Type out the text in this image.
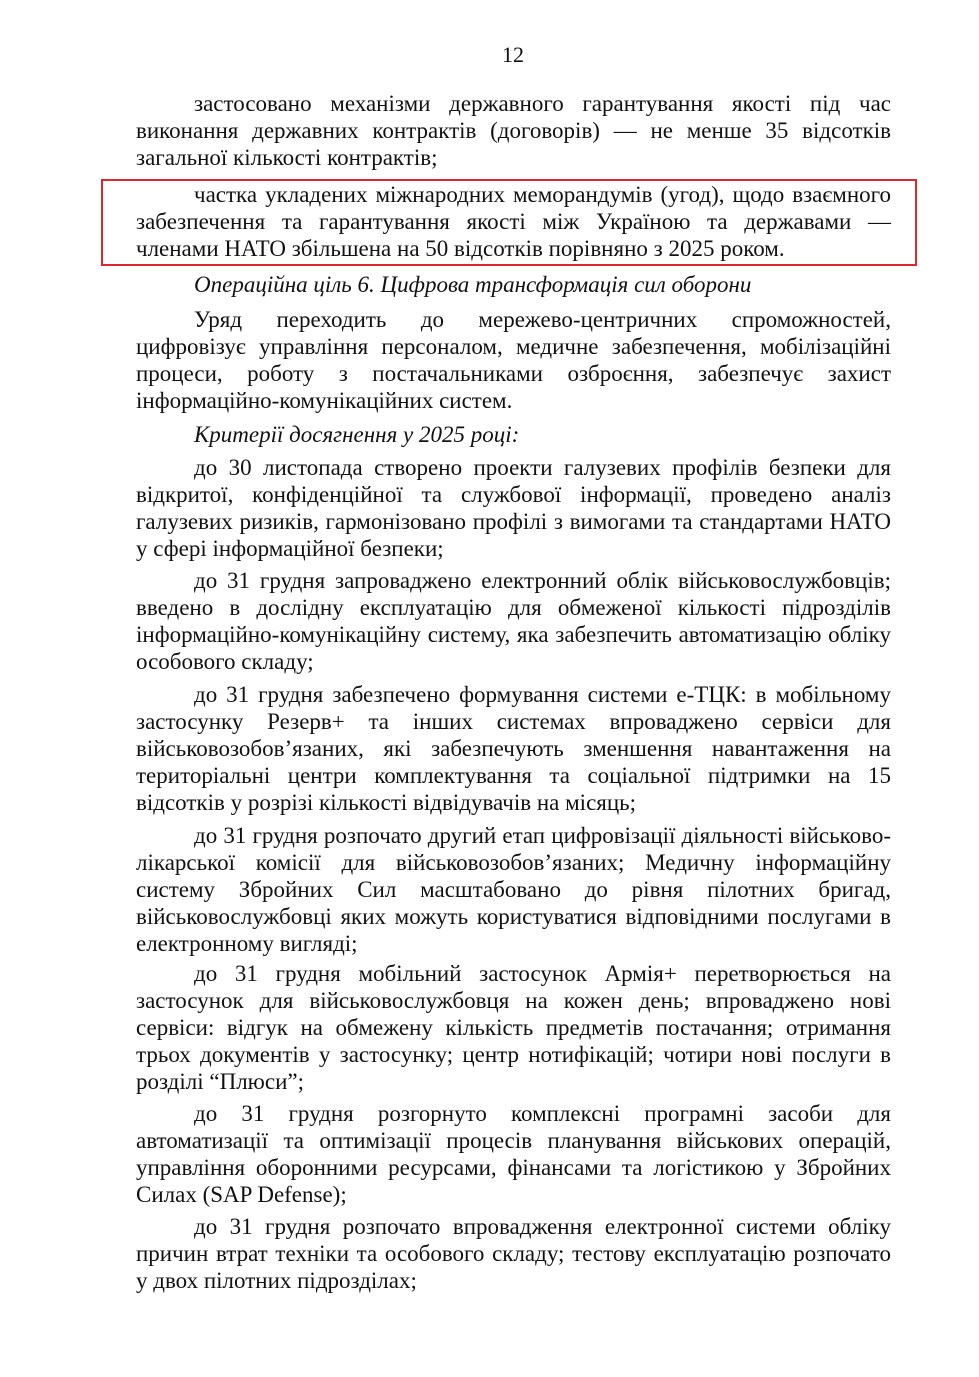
12

застосовано механізми державного гарантування якості під час виконання державних контрактів (договорів) — не менше 35 відсотків загальної кількості контрактів;

частка укладених міжнародних меморандумів (угод), щодо взаємного забезпечення та гарантування якості між Україною та державами — членами НАТО збільшена на 50 відсотків порівняно з 2025 роком.

Операційна ціль 6. Цифрова трансформація сил оборони

Уряд переходить до мережево-центричних спроможностей, цифровізує управління персоналом, медичне забезпечення, мобілізаційні процеси, роботу з постачальниками озброєння, забезпечує захист інформаційно-комунікаційних систем.

Критерії досягнення у 2025 році:

до 30 листопада створено проекти галузевих профілів безпеки для відкритої, конфіденційної та службової інформації, проведено аналіз галузевих ризиків, гармонізовано профілі з вимогами та стандартами НАТО у сфері інформаційної безпеки;

до 31 грудня запроваджено електронний облік військовослужбовців; введено в дослідну експлуатацію для обмеженої кількості підрозділів інформаційно-комунікаційну систему, яка забезпечить автоматизацію обліку особового складу;

до 31 грудня забезпечено формування системи е-ТЦК: в мобільному застосунку Резерв+ та інших системах впроваджено сервіси для військовозобов’язаних, які забезпечують зменшення навантаження на територіальні центри комплектування та соціальної підтримки на 15 відсотків у розрізі кількості відвідувачів на місяць;

до 31 грудня розпочато другий етап цифровізації діяльності військово-лікарської комісії для військовозобов’язаних; Медичну інформаційну систему Збройних Сил масштабовано до рівня пілотних бригад, військовослужбовці яких можуть користуватися відповідними послугами в електронному вигляді;

до 31 грудня мобільний застосунок Армія+ перетворюється на застосунок для військовослужбовця на кожен день; впроваджено нові сервіси: відгук на обмежену кількість предметів постачання; отримання трьох документів у застосунку; центр нотифікацій; чотири нові послуги в розділі “Плюси”;

до 31 грудня розгорнуто комплексні програмні засоби для автоматизації та оптимізації процесів планування військових операцій, управління оборонними ресурсами, фінансами та логістикою у Збройних Силах (SAP Defense);

до 31 грудня розпочато впровадження електронної системи обліку причин втрат техніки та особового складу; тестову експлуатацію розпочато у двох пілотних підрозділах;
